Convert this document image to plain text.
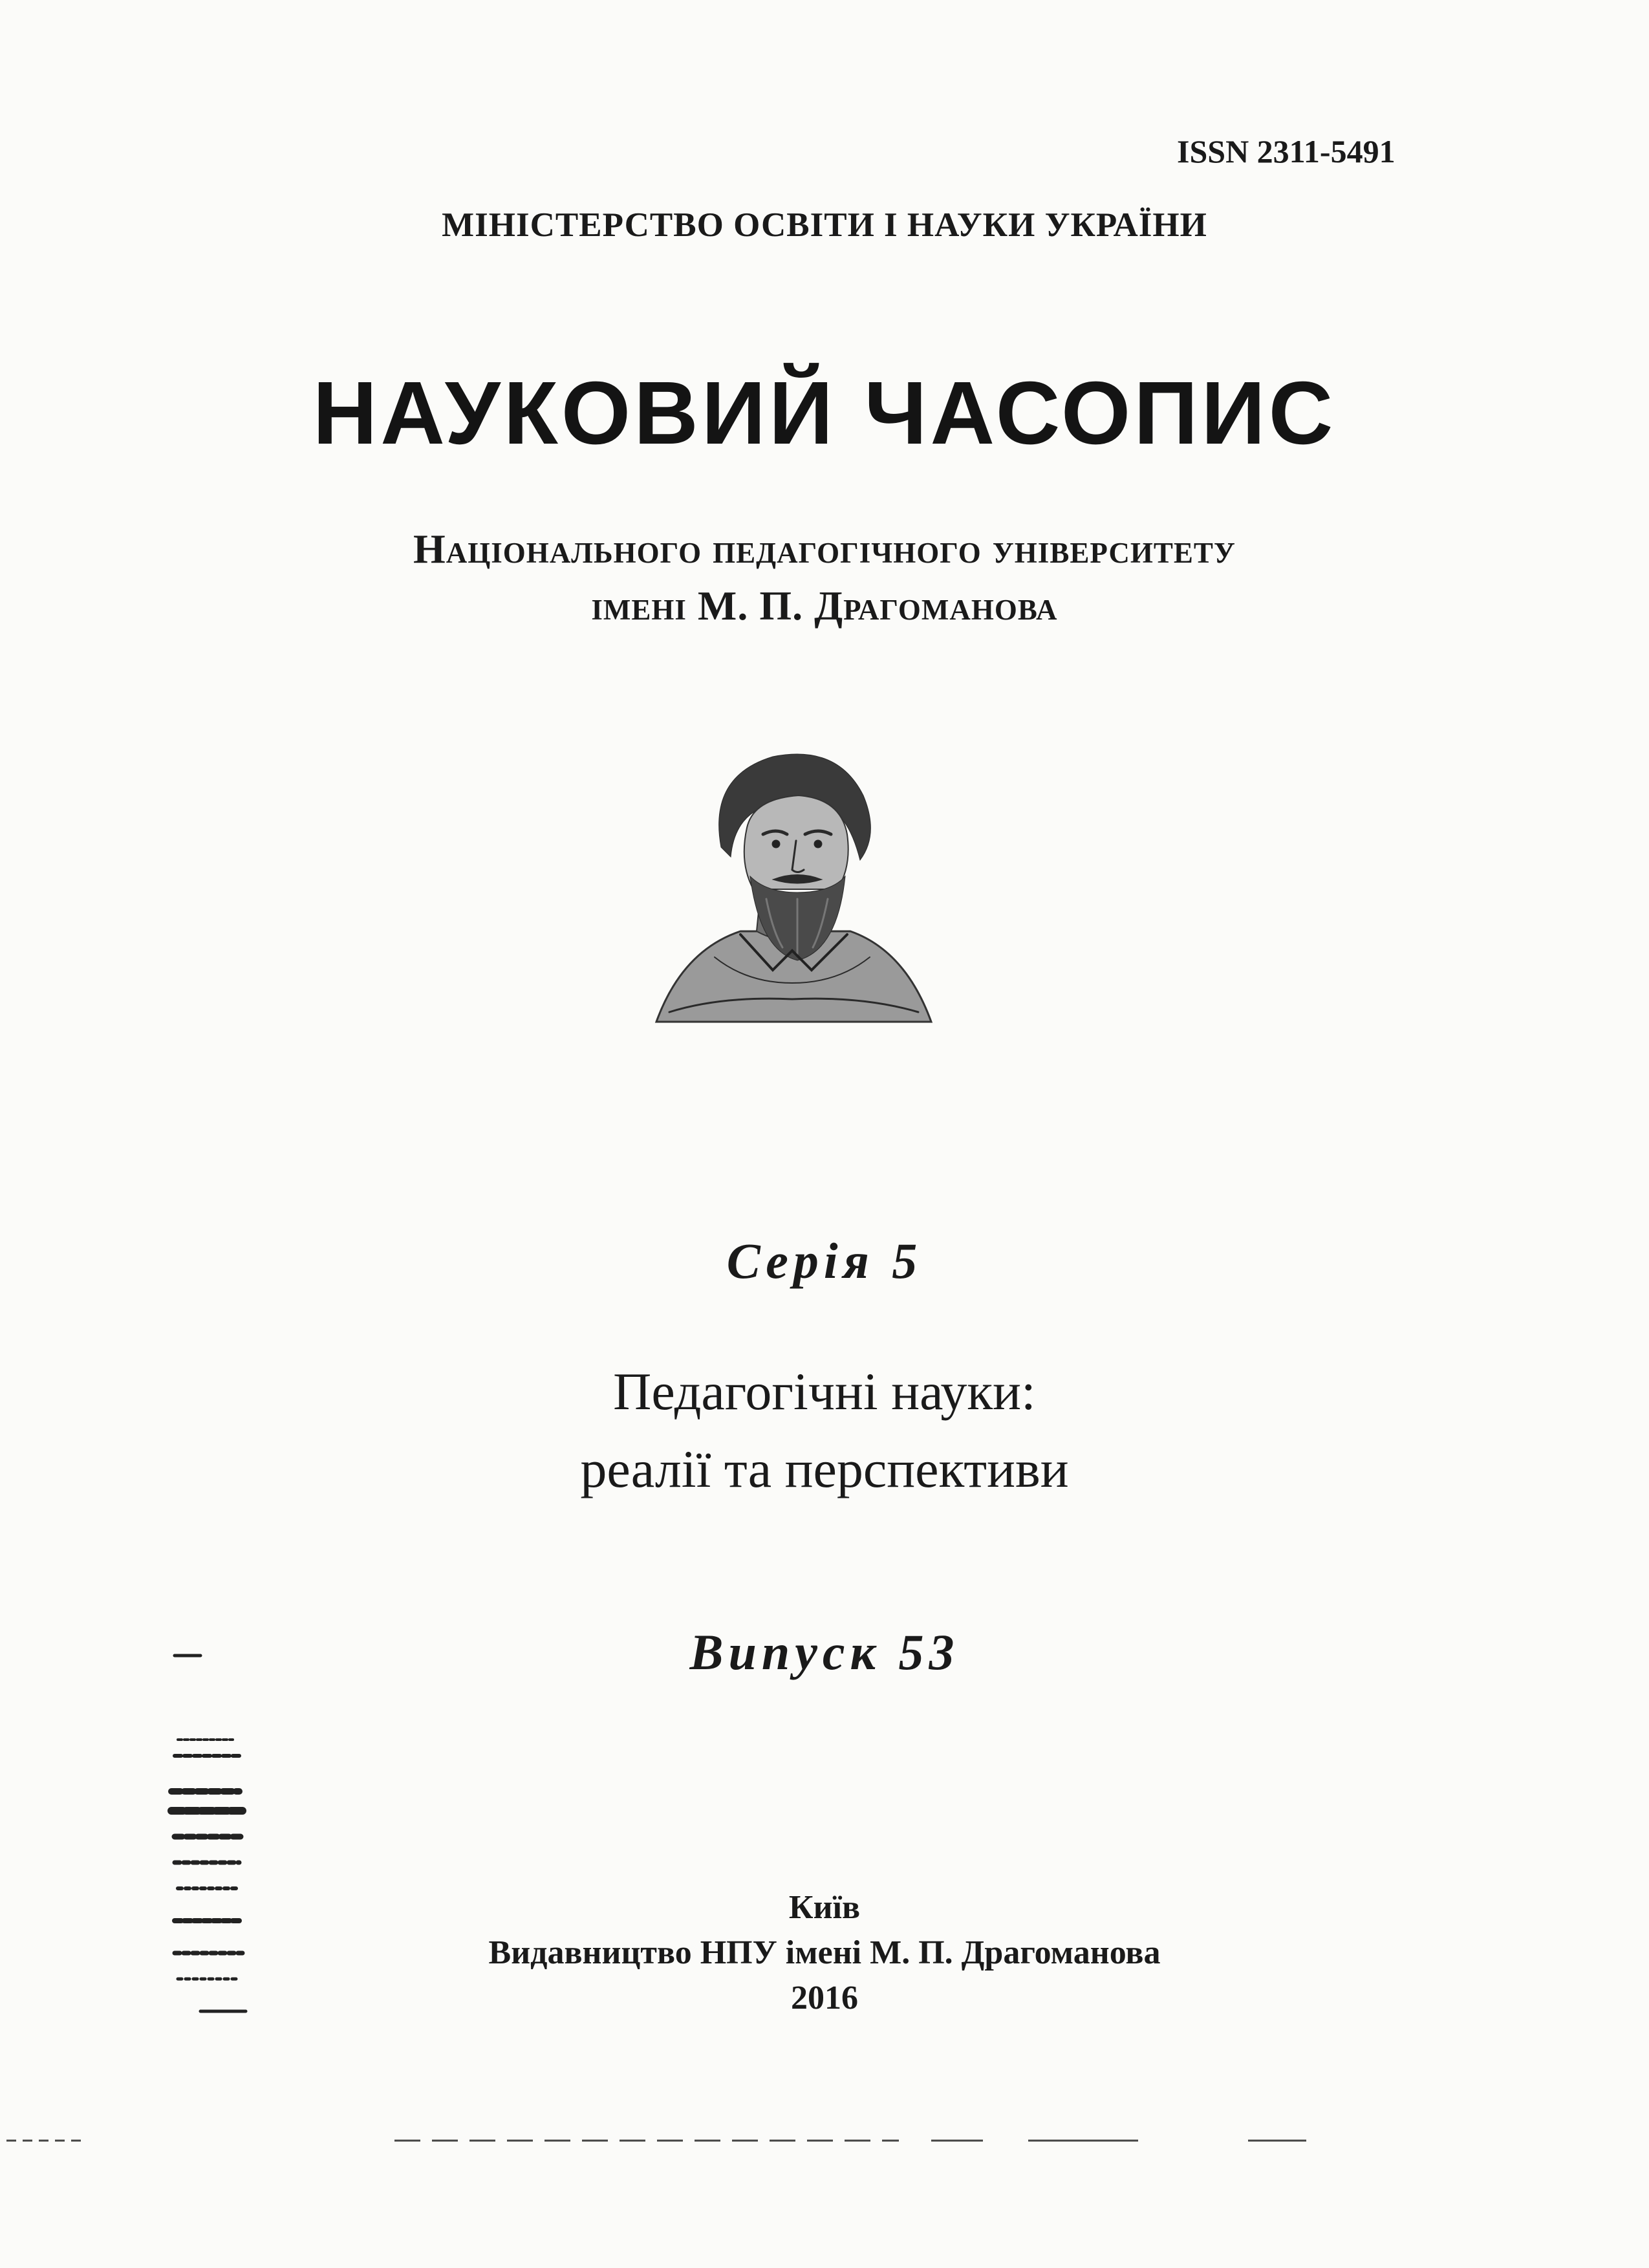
ISSN 2311-5491
МІНІСТЕРСТВО ОСВІТИ І НАУКИ УКРАЇНИ
НАУКОВИЙ ЧАСОПИС
Національного педагогічного університету
імені М. П. Драгоманова
Серія 5
Педагогічні науки:
реалії та перспективи
Випуск 53
Київ
Видавництво НПУ імені М. П. Драгоманова
2016
